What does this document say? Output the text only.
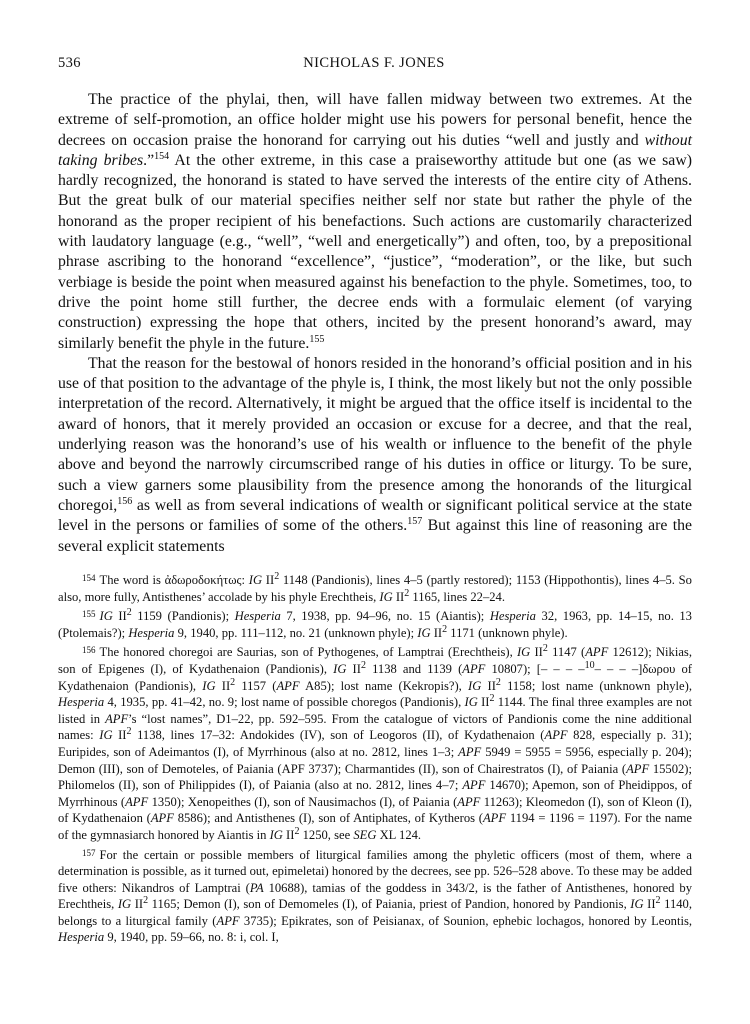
536	NICHOLAS F. JONES

The practice of the phylai, then, will have fallen midway between two extremes. At the extreme of self-promotion, an office holder might use his powers for personal benefit, hence the decrees on occasion praise the honorand for carrying out his duties “well and justly and without taking bribes.”$^{154}$ At the other extreme, in this case a praiseworthy attitude but one (as we saw) hardly recognized, the honorand is stated to have served the interests of the entire city of Athens. But the great bulk of our material specifies neither self nor state but rather the phyle of the honorand as the proper recipient of his benefactions. Such actions are customarily characterized with laudatory language (e.g., “well”, “well and energetically”) and often, too, by a prepositional phrase ascribing to the honorand “excellence”, “justice”, “moderation”, or the like, but such verbiage is beside the point when measured against his benefaction to the phyle. Sometimes, too, to drive the point home still further, the decree ends with a formulaic element (of varying construction) expressing the hope that others, incited by the present honorand’s award, may similarly benefit the phyle in the future.$^{155}$

That the reason for the bestowal of honors resided in the honorand’s official position and in his use of that position to the advantage of the phyle is, I think, the most likely but not the only possible interpretation of the record. Alternatively, it might be argued that the office itself is incidental to the award of honors, that it merely provided an occasion or excuse for a decree, and that the real, underlying reason was the honorand’s use of his wealth or influence to the benefit of the phyle above and beyond the narrowly circumscribed range of his duties in office or liturgy. To be sure, such a view garners some plausibility from the presence among the honorands of the liturgical choregoi,$^{156}$ as well as from several indications of wealth or significant political service at the state level in the persons or families of some of the others.$^{157}$ But against this line of reasoning are the several explicit statements

$^{154}$ The word is ἀδωροδοκήτως: IG $II^2$ 1148 (Pandionis), lines 4–5 (partly restored); 1153 (Hippothontis), lines 4–5. So also, more fully, Antisthenes’ accolade by his phyle Erechtheis, IG $II^2$ 1165, lines 22–24.

$^{155}$ IG $II^2$ 1159 (Pandionis); Hesperia 7, 1938, pp. 94–96, no. 15 (Aiantis); Hesperia 32, 1963, pp. 14–15, no. 13 (Ptolemais?); Hesperia 9, 1940, pp. 111–112, no. 21 (unknown phyle); IG $II^2$ 1171 (unknown phyle).

$^{156}$ The honored choregoi are Saurias, son of Pythogenes, of Lamptrai (Erechtheis), IG $II^2$ 1147 (APF 12612); Nikias, son of Epigenes (I), of Kydathenaion (Pandionis), IG $II^2$ 1138 and 1139 (APF 10807); [– – – –$^{10}$– – – –]δωρου of Kydathenaion (Pandionis), IG $II^2$ 1157 (APF A85); lost name (Kekropis?), IG $II^2$ 1158; lost name (unknown phyle), Hesperia 4, 1935, pp. 41–42, no. 9; lost name of possible choregos (Pandionis), IG $II^2$ 1144. The final three examples are not listed in APF’s “lost names”, D1–22, pp. 592–595. From the catalogue of victors of Pandionis come the nine additional names: IG $II^2$ 1138, lines 17–32: Andokides (IV), son of Leogoros (II), of Kydathenaion (APF 828, especially p. 31); Euripides, son of Adeimantos (I), of Myrrhinous (also at no. 2812, lines 1–3; APF 5949 = 5955 = 5956, especially p. 204); Demon (III), son of Demoteles, of Paiania (APF 3737); Charmantides (II), son of Chairestratos (I), of Paiania (APF 15502); Philomelos (II), son of Philippides (I), of Paiania (also at no. 2812, lines 4–7; APF 14670); Apemon, son of Pheidippos, of Myrrhinous (APF 1350); Xenopeithes (I), son of Nausimachos (I), of Paiania (APF 11263); Kleomedon (I), son of Kleon (I), of Kydathenaion (APF 8586); and Antisthenes (I), son of Antiphates, of Kytheros (APF 1194 = 1196 = 1197). For the name of the gymnasiarch honored by Aiantis in IG $II^2$ 1250, see SEG XL 124.

$^{157}$ For the certain or possible members of liturgical families among the phyletic officers (most of them, where a determination is possible, as it turned out, epimeletai) honored by the decrees, see pp. 526–528 above. To these may be added five others: Nikandros of Lamptrai (PA 10688), tamias of the goddess in 343/2, is the father of Antisthenes, honored by Erechtheis, IG $II^2$ 1165; Demon (I), son of Demomeles (I), of Paiania, priest of Pandion, honored by Pandionis, IG $II^2$ 1140, belongs to a liturgical family (APF 3735); Epikrates, son of Peisianax, of Sounion, ephebic lochagos, honored by Leontis, Hesperia 9, 1940, pp. 59–66, no. 8: i, col. I,
